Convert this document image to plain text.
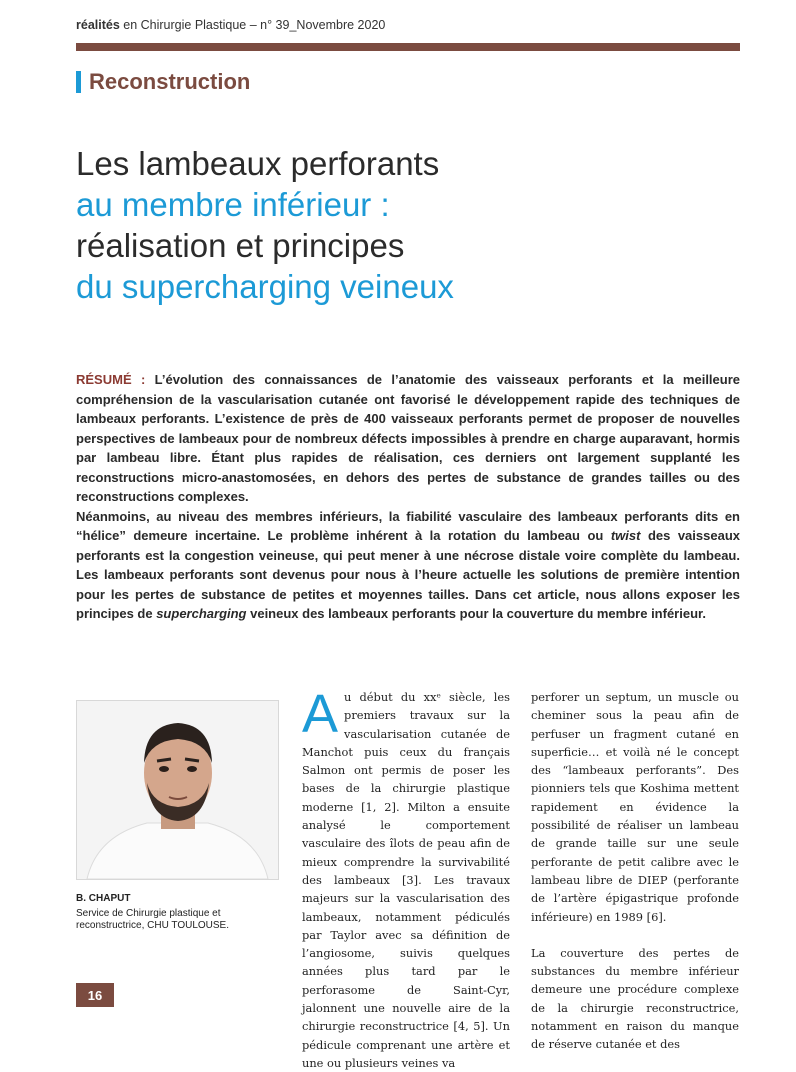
réalités en Chirurgie Plastique – n° 39_Novembre 2020
Reconstruction
Les lambeaux perforants
au membre inférieur :
réalisation et principes
du supercharging veineux

RÉSUMÉ : L’évolution des connaissances de l’anatomie des vaisseaux perforants et la meilleure compréhension de la vascularisation cutanée ont favorisé le développement rapide des techniques de lambeaux perforants. L’existence de près de 400 vaisseaux perforants permet de proposer de nouvelles perspectives de lambeaux pour de nombreux défects impossibles à prendre en charge auparavant, hormis par lambeau libre. Étant plus rapides de réalisation, ces derniers ont largement supplanté les reconstructions micro-anastomosées, en dehors des pertes de substance de grandes tailles ou des reconstructions complexes.

Néanmoins, au niveau des membres inférieurs, la fiabilité vasculaire des lambeaux perforants dits en “hélice” demeure incertaine. Le problème inhérent à la rotation du lambeau ou twist des vaisseaux perforants est la congestion veineuse, qui peut mener à une nécrose distale voire complète du lambeau. Les lambeaux perforants sont devenus pour nous à l’heure actuelle les solutions de première intention pour les pertes de substance de petites et moyennes tailles. Dans cet article, nous allons exposer les principes de supercharging veineux des lambeaux perforants pour la couverture du membre inférieur.

B. CHAPUT
Service de Chirurgie plastique et reconstructrice, CHU TOULOUSE.

Au début du xxᵉ siècle, les premiers travaux sur la vascularisation cutanée de Manchot puis ceux du français Salmon ont permis de poser les bases de la chirurgie plastique moderne [1, 2]. Milton a ensuite analysé le comportement vasculaire des îlots de peau afin de mieux comprendre la survivabilité des lambeaux [3]. Les travaux majeurs sur la vascularisation des lambeaux, notamment pédiculés par Taylor avec sa définition de l’angiosome, suivis quelques années plus tard par le perforasome de Saint-Cyr, jalonnent une nouvelle aire de la chirurgie reconstructrice [4, 5]. Un pédicule comprenant une artère et une ou plusieurs veines va

perforer un septum, un muscle ou cheminer sous la peau afin de perfuser un fragment cutané en superficie… et voilà né le concept des “lambeaux perforants”. Des pionniers tels que Koshima mettent rapidement en évidence la possibilité de réaliser un lambeau de grande taille sur une seule perforante de petit calibre avec le lambeau libre de DIEP (perforante de l’artère épigastrique profonde inférieure) en 1989 [6].

La couverture des pertes de substances du membre inférieur demeure une procédure complexe de la chirurgie reconstructrice, notamment en raison du manque de réserve cutanée et des

16
